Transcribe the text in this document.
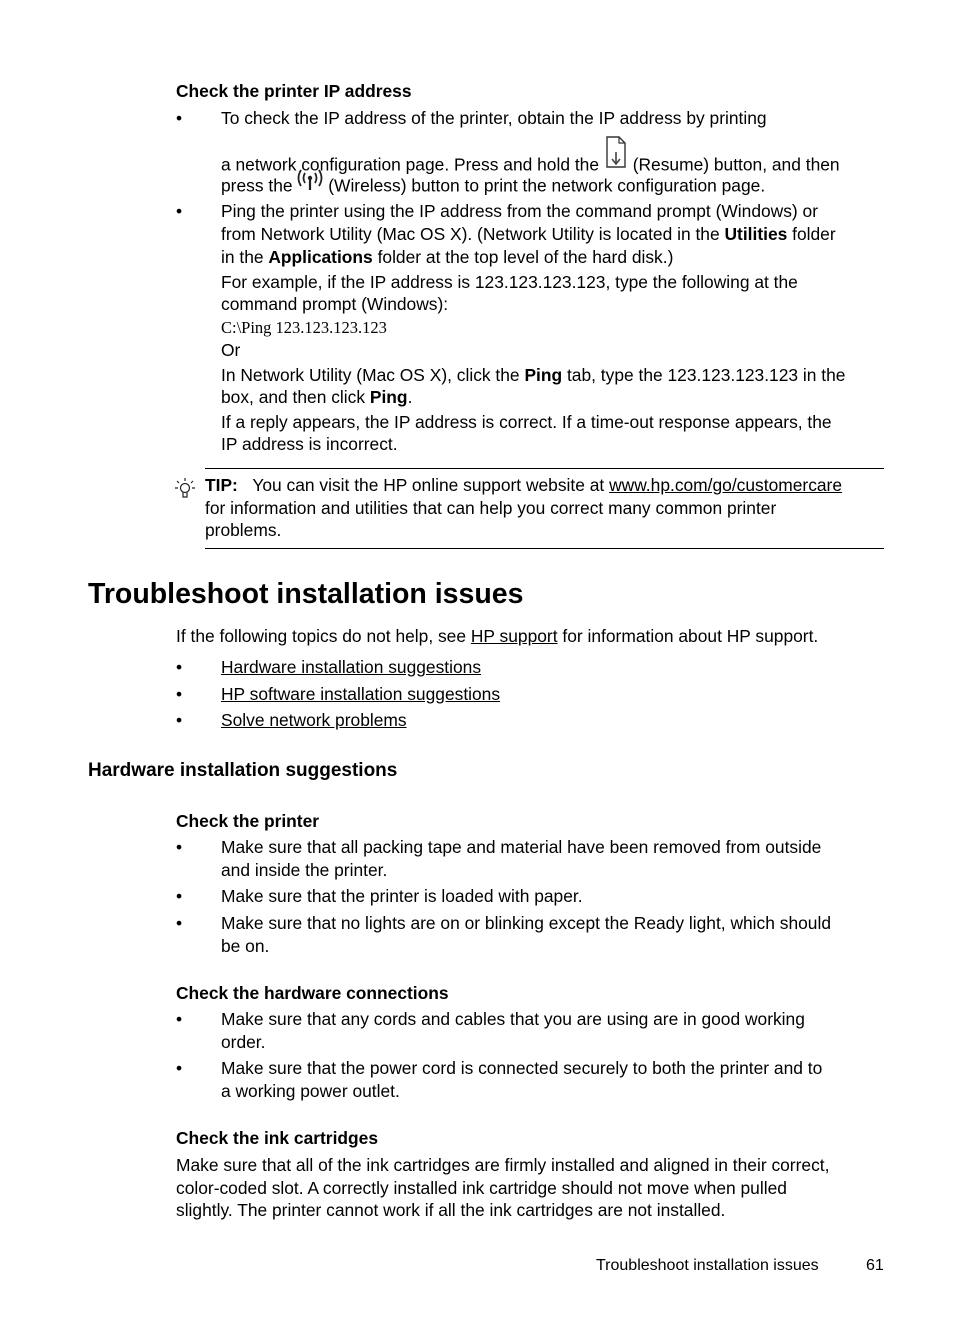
Check the printer IP address
• To check the IP address of the printer, obtain the IP address by printing
a network configuration page. Press and hold the (Resume) button, and then
press the (Wireless) button to print the network configuration page.
• Ping the printer using the IP address from the command prompt (Windows) or
from Network Utility (Mac OS X). (Network Utility is located in the Utilities folder
in the Applications folder at the top level of the hard disk.)
For example, if the IP address is 123.123.123.123, type the following at the
command prompt (Windows):
C:\Ping 123.123.123.123
Or
In Network Utility (Mac OS X), click the Ping tab, type the 123.123.123.123 in the
box, and then click Ping.
If a reply appears, the IP address is correct. If a time-out response appears, the
IP address is incorrect.
TIP: You can visit the HP online support website at www.hp.com/go/customercare
for information and utilities that can help you correct many common printer
problems.
Troubleshoot installation issues
If the following topics do not help, see HP support for information about HP support.
• Hardware installation suggestions
• HP software installation suggestions
• Solve network problems
Hardware installation suggestions
Check the printer
• Make sure that all packing tape and material have been removed from outside
and inside the printer.
• Make sure that the printer is loaded with paper.
• Make sure that no lights are on or blinking except the Ready light, which should
be on.
Check the hardware connections
• Make sure that any cords and cables that you are using are in good working
order.
• Make sure that the power cord is connected securely to both the printer and to
a working power outlet.
Check the ink cartridges
Make sure that all of the ink cartridges are firmly installed and aligned in their correct,
color-coded slot. A correctly installed ink cartridge should not move when pulled
slightly. The printer cannot work if all the ink cartridges are not installed.
Troubleshoot installation issues	61
